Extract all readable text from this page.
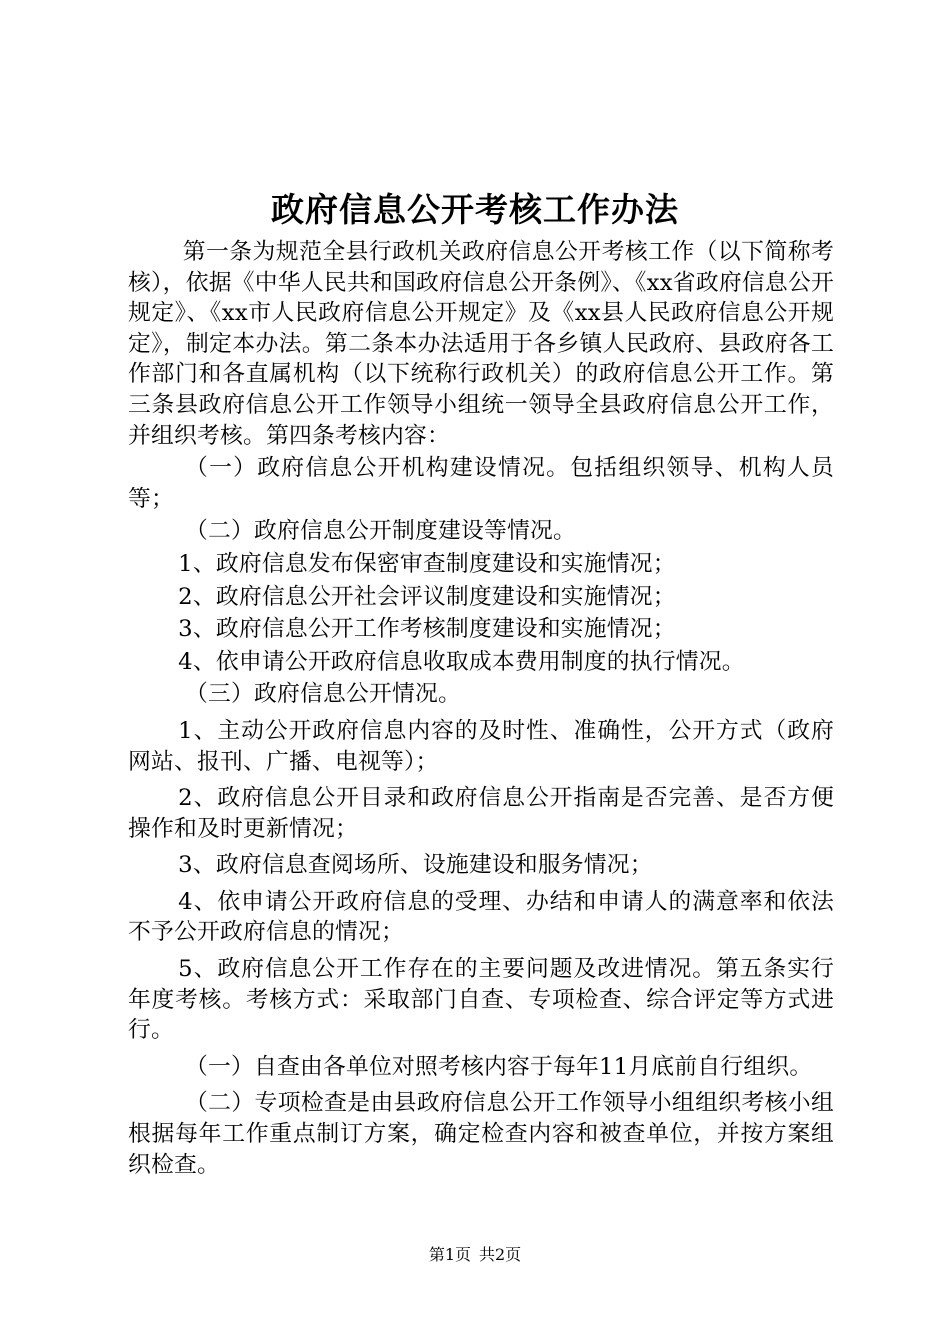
政府信息公开考核工作办法

第一条为规范全县行政机关政府信息公开考核工作（以下简称考核），依据《中华人民共和国政府信息公开条例》、《xx省政府信息公开规定》、《xx市人民政府信息公开规定》及《xx县人民政府信息公开规定》，制定本办法。第二条本办法适用于各乡镇人民政府、县政府各工作部门和各直属机构（以下统称行政机关）的政府信息公开工作。第三条县政府信息公开工作领导小组统一领导全县政府信息公开工作，并组织考核。第四条考核内容：

（一）政府信息公开机构建设情况。包括组织领导、机构人员等；

（二）政府信息公开制度建设等情况。

1、政府信息发布保密审查制度建设和实施情况；

2、政府信息公开社会评议制度建设和实施情况；

3、政府信息公开工作考核制度建设和实施情况；

4、依申请公开政府信息收取成本费用制度的执行情况。

（三）政府信息公开情况。

1、主动公开政府信息内容的及时性、准确性，公开方式（政府网站、报刊、广播、电视等）；

2、政府信息公开目录和政府信息公开指南是否完善、是否方便操作和及时更新情况；

3、政府信息查阅场所、设施建设和服务情况；

4、依申请公开政府信息的受理、办结和申请人的满意率和依法不予公开政府信息的情况；

5、政府信息公开工作存在的主要问题及改进情况。第五条实行年度考核。考核方式：采取部门自查、专项检查、综合评定等方式进行。

（一）自查由各单位对照考核内容于每年11月底前自行组织。

（二）专项检查是由县政府信息公开工作领导小组组织考核小组根据每年工作重点制订方案，确定检查内容和被查单位，并按方案组织检查。

第1页 共2页
